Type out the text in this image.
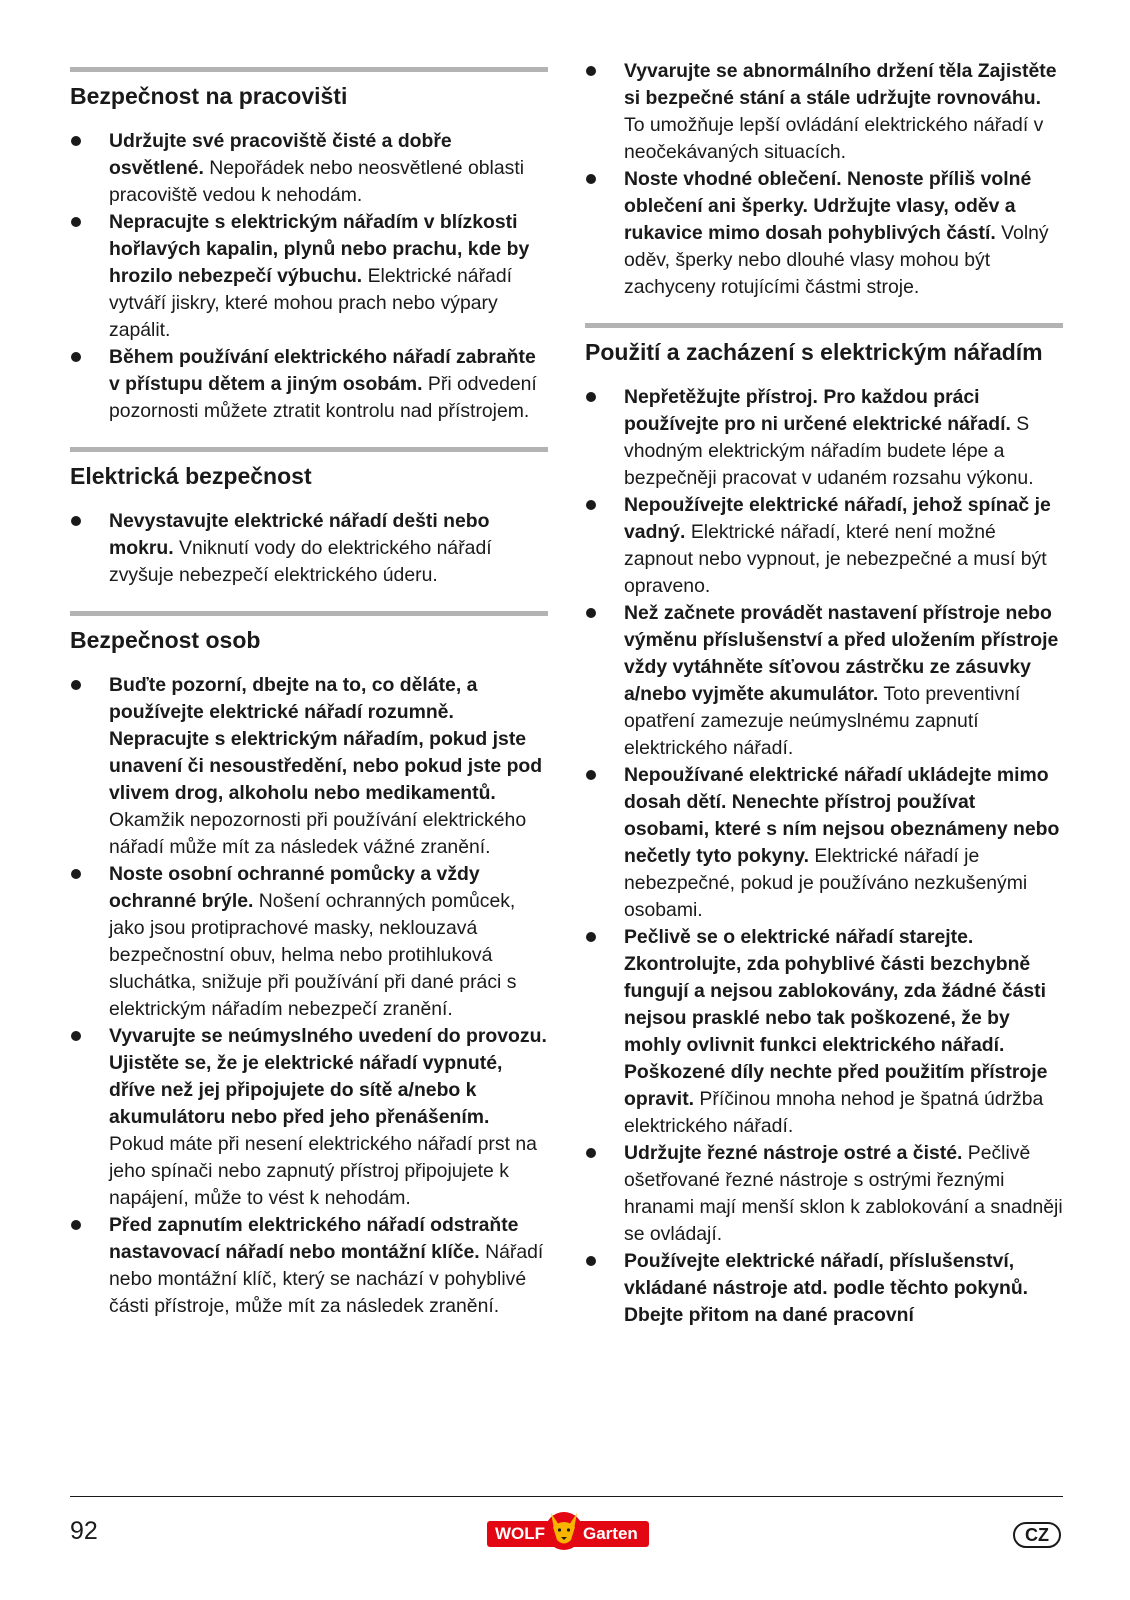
Bezpečnost na pracovišti
Udržujte své pracoviště čisté a dobře osvětlené. Nepořádek nebo neosvětlené oblasti pracoviště vedou k nehodám.
Nepracujte s elektrickým nářadím v blízkosti hořlavých kapalin, plynů nebo prachu, kde by hrozilo nebezpečí výbuchu. Elektrické nářadí vytváří jiskry, které mohou prach nebo výpary zapálit.
Během používání elektrického nářadí zabraňte v přístupu dětem a jiným osobám. Při odvedení pozornosti můžete ztratit kontrolu nad přístrojem.
Elektrická bezpečnost
Nevystavujte elektrické nářadí dešti nebo mokru. Vniknutí vody do elektrického nářadí zvyšuje nebezpečí elektrického úderu.
Bezpečnost osob
Buďte pozorní, dbejte na to, co děláte, a používejte elektrické nářadí rozumně. Nepracujte s elektrickým nářadím, pokud jste unavení či nesoustředění, nebo pokud jste pod vlivem drog, alkoholu nebo medikamentů. Okamžik nepozornosti při používání elektrického nářadí může mít za následek vážné zranění.
Noste osobní ochranné pomůcky a vždy ochranné brýle. Nošení ochranných pomůcek, jako jsou protiprachové masky, neklouzavá bezpečnostní obuv, helma nebo protihluková sluchátka, snižuje při používání při dané práci s elektrickým nářadím nebezpečí zranění.
Vyvarujte se neúmyslného uvedení do provozu. Ujistěte se, že je elektrické nářadí vypnuté, dříve než jej připojujete do sítě a/nebo k akumulátoru nebo před jeho přenášením. Pokud máte při nesení elektrického nářadí prst na jeho spínači nebo zapnutý přístroj připojujete k napájení, může to vést k nehodám.
Před zapnutím elektrického nářadí odstraňte nastavovací nářadí nebo montážní klíče. Nářadí nebo montážní klíč, který se nachází v pohyblivé části přístroje, může mít za následek zranění.
Vyvarujte se abnormálního držení těla Zajistěte si bezpečné stání a stále udržujte rovnováhu. To umožňuje lepší ovládání elektrického nářadí v neočekávaných situacích.
Noste vhodné oblečení. Nenoste příliš volné oblečení ani šperky. Udržujte vlasy, oděv a rukavice mimo dosah pohyblivých částí. Volný oděv, šperky nebo dlouhé vlasy mohou být zachyceny rotujícími částmi stroje.
Použití a zacházení s elektrickým nářadím
Nepřetěžujte přístroj. Pro každou práci používejte pro ni určené elektrické nářadí. S vhodným elektrickým nářadím budete lépe a bezpečněji pracovat v udaném rozsahu výkonu.
Nepoužívejte elektrické nářadí, jehož spínač je vadný. Elektrické nářadí, které není možné zapnout nebo vypnout, je nebezpečné a musí být opraveno.
Než začnete provádět nastavení přístroje nebo výměnu příslušenství a před uložením přístroje vždy vytáhněte síťovou zástrčku ze zásuvky a/nebo vyjměte akumulátor. Toto preventivní opatření zamezuje neúmyslnému zapnutí elektrického nářadí.
Nepoužívané elektrické nářadí ukládejte mimo dosah dětí. Nenechte přístroj používat osobami, které s ním nejsou obeznámeny nebo nečetly tyto pokyny. Elektrické nářadí je nebezpečné, pokud je používáno nezkušenými osobami.
Pečlivě se o elektrické nářadí starejte. Zkontrolujte, zda pohyblivé části bezchybně fungují a nejsou zablokovány, zda žádné části nejsou prasklé nebo tak poškozené, že by mohly ovlivnit funkci elektrického nářadí. Poškozené díly nechte před použitím přístroje opravit. Příčinou mnoha nehod je špatná údržba elektrického nářadí.
Udržujte řezné nástroje ostré a čisté. Pečlivě ošetřované řezné nástroje s ostrými řeznými hranami mají menší sklon k zablokování a snadněji se ovládají.
Používejte elektrické nářadí, příslušenství, vkládané nástroje atd. podle těchto pokynů. Dbejte přitom na dané pracovní
92	WOLF Garten	CZ
